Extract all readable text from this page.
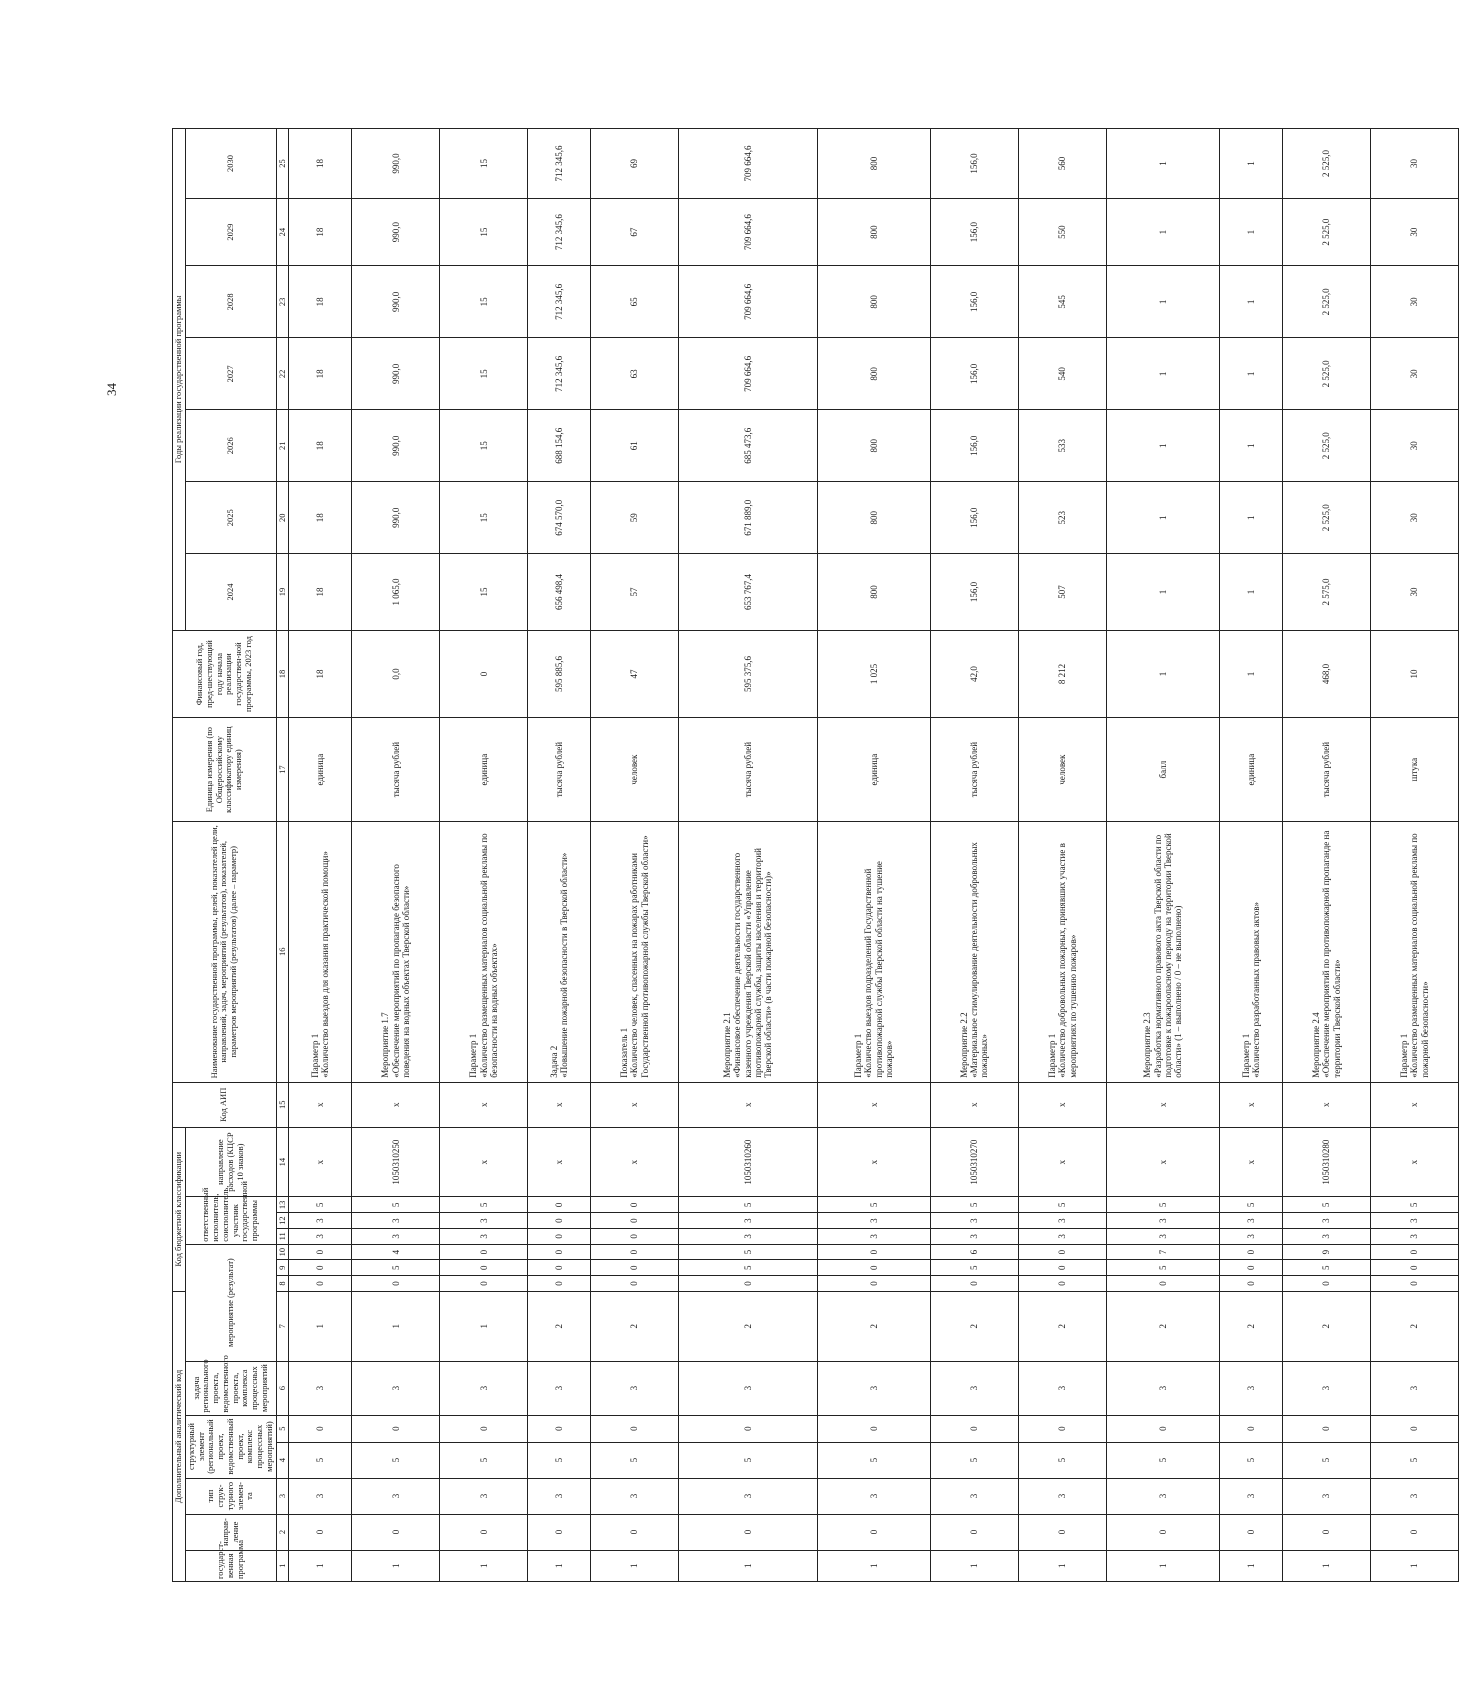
34
Дополнительный аналитический код							Код бюджетной классификации							Код АИП	Наименование государственной программы, целей, показателей цели, направлений, задач, мероприятий (результатов), показателей, параметров мероприятий (результатов) (далее – параметр)	Единица измерения (по Общероссийскому классификатору единиц измерения)	Финансовый год, пред-шествующий году начала реализации государствен-ной программы, 2023 год	Годы реализации государственной программы						
государст-венная программа	направ-ление	тип струк-турного элемен-та	структурный элемент (региональный проект, ведомственный проект, комплекс процессных мероприятий)		задача регионального проекта, ведомственного проекта, комплекса процессных мероприятий	мероприятие (результат)				ответственный исполнитель, соисполнитель, участник государственной программы			направление расходов (КЦСР 10 знаков)					2024	2025	2026	2027	2028	2029	2030
1	2	3	4	5	6	7	8	9	10	11	12	13	14	15	16	17	18	19	20	21	22	23	24	25
1	0	3	5	0	3	1	0	0	0	3	3	5	х	х	Параметр 1 «Количество выездов для оказания практической помощи»	единица	18	18	18	18	18	18	18	18
1	0	3	5	0	3	1	0	5	4	3	3	5	1050310250	х	Мероприятие 1.7 «Обеспечение мероприятий по пропаганде безопасного поведения на водных объектах Тверской области»	тысяча рублей	0,0	1 065,0	990,0	990,0	990,0	990,0	990,0	990,0
1	0	3	5	0	3	1	0	0	0	3	3	5	х	х	Параметр 1 «Количество размещенных материалов социальной рекламы по безопасности на водных объектах»	единица	0	15	15	15	15	15	15	15
1	0	3	5	0	3	2	0	0	0	0	0	0	х	х	Задача 2 «Повышение пожарной безопасности в Тверской области»	тысяча рублей	595 885,6	656 498,4	674 570,0	688 154,6	712 345,6	712 345,6	712 345,6	712 345,6
1	0	3	5	0	3	2	0	0	0	0	0	0	х	х	Показатель 1 «Количество человек, спасенных на пожарах работниками Государственной противопожарной службы Тверской области»	человек	47	57	59	61	63	65	67	69
1	0	3	5	0	3	2	0	5	5	3	3	5	1050310260	х	Мероприятие 2.1 «Финансовое обеспечение деятельности государственного казенного учреждения Тверской области «Управление противопожарной службы, защиты населения и территорий Тверской области» (в части пожарной безопасности)»	тысяча рублей	595 375,6	653 767,4	671 889,0	685 473,6	709 664,6	709 664,6	709 664,6	709 664,6
1	0	3	5	0	3	2	0	0	0	3	3	5	х	х	Параметр 1 «Количество выездов подразделений Государственной противопожарной службы Тверской области на тушение пожаров»	единица	1 025	800	800	800	800	800	800	800
1	0	3	5	0	3	2	0	5	6	3	3	5	1050310270	х	Мероприятие 2.2 «Материальное стимулирование деятельности добровольных пожарных»	тысяча рублей	42,0	156,0	156,0	156,0	156,0	156,0	156,0	156,0
1	0	3	5	0	3	2	0	0	0	3	3	5	х	х	Параметр 1 «Количество добровольных пожарных, принявших участие в мероприятиях по тушению пожаров»	человек	8 212	507	523	533	540	545	550	560
1	0	3	5	0	3	2	0	5	7	3	3	5	х	х	Мероприятие 2.3 «Разработка нормативного правового акта Тверской области по подготовке к пожароопасному периоду на территории Тверской области» (1 – выполнено / 0 – не выполнено)	балл	1	1	1	1	1	1	1	1
1	0	3	5	0	3	2	0	0	0	3	3	5	х	х	Параметр 1 «Количество разработанных правовых актов»	единица	1	1	1	1	1	1	1	1
1	0	3	5	0	3	2	0	5	9	3	3	5	1050310280	х	Мероприятие 2.4 «Обеспечение мероприятий по противопожарной пропаганде на территории Тверской области»	тысяча рублей	468,0	2 575,0	2 525,0	2 525,0	2 525,0	2 525,0	2 525,0	2 525,0
1	0	3	5	0	3	2	0	0	0	3	3	5	х	х	Параметр 1 «Количество размещенных материалов социальной рекламы по пожарной безопасности»	штука	10	30	30	30	30	30	30	30
